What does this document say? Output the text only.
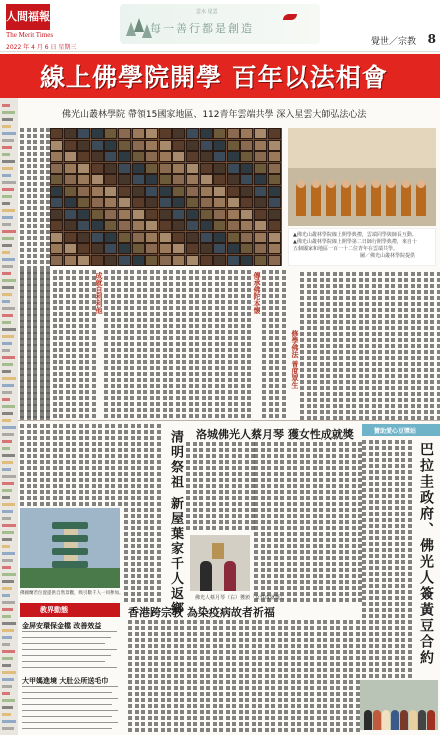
人間福報
The Merit Times
2022 年 4 月 6 日 星期三
雲水 星雲
每一善行都是創造
覺世／宗教 8
線上佛學院開學 百年以法相會
佛光山叢林學院 帶領15國家地區、112青年雲端共學 深入星雲大師弘法心法
▲佛光山叢林學院線上開學典禮，雲端同學與師長互動。
▲佛光山叢林學院線上開學第二日師行開學典禮，來自十
五個國家和地區一百一十二位青年在雲端共學。
圖／佛光山叢林學院提供
成就自利利他	傳承佛陀本懷
修學佛法 普度眾生
清明祭祖 新屋葉家千人返鄉 洛城佛光人蔡月琴 獲女性成就獎	贊助愛心豆漿站
巴拉圭政府、佛光人簽黃豆合約
香港跨宗教 為染疫病故者祈福
佛光人蔡月琴（右）獲頒「女性成就獎」。
佛圖蘭若位置提供自然景觀，吸引數千人一同參加。
教界動態
金屏安環保金檔 改善效益
大甲媽進境 大肚公所送毛巾
